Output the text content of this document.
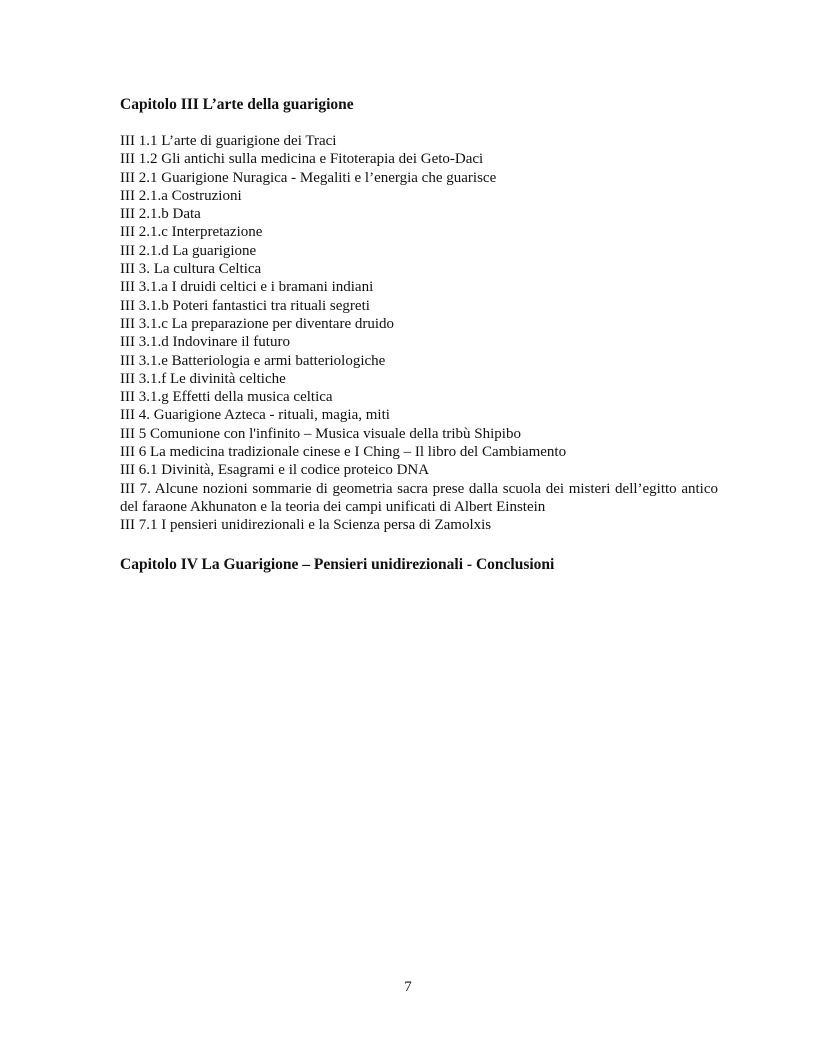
Capitolo III L’arte della guarigione
III 1.1 L’arte di guarigione dei Traci
III 1.2 Gli antichi sulla medicina e Fitoterapia dei Geto-Daci
III 2.1 Guarigione Nuragica - Megaliti e l’energia che guarisce
III 2.1.a Costruzioni
III 2.1.b Data
III 2.1.c Interpretazione
III 2.1.d La guarigione
III 3. La cultura Celtica
III 3.1.a I druidi celtici e i bramani indiani
III 3.1.b Poteri fantastici tra rituali segreti
III 3.1.c La preparazione per diventare druido
III 3.1.d Indovinare il futuro
III 3.1.e Batteriologia e armi batteriologiche
III 3.1.f Le divinità celtiche
III 3.1.g Effetti della musica celtica
III 4. Guarigione Azteca - rituali, magia, miti
III 5 Comunione con l'infinito – Musica visuale della tribù Shipibo
III 6 La medicina tradizionale cinese e I Ching – Il libro del Cambiamento
III 6.1 Divinità, Esagrami e il codice proteico DNA
III 7. Alcune nozioni sommarie di geometria sacra prese dalla scuola dei misteri dell’egitto antico del faraone Akhunaton e la teoria dei campi unificati di Albert Einstein
III 7.1 I pensieri unidirezionali e la Scienza persa di Zamolxis
Capitolo IV La Guarigione – Pensieri unidirezionali - Conclusioni
7
